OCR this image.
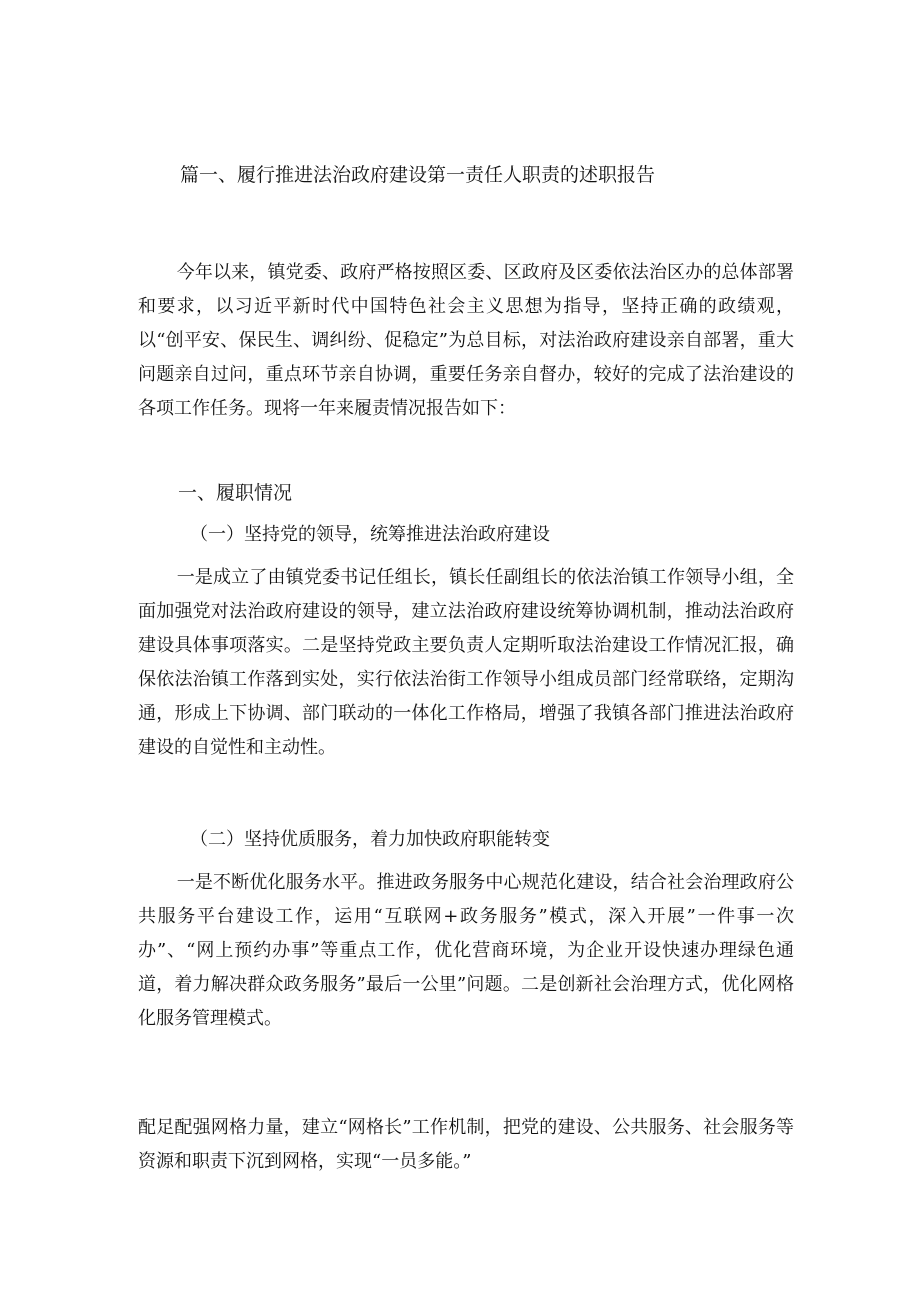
篇一、履行推进法治政府建设第一责任人职责的述职报告

今年以来，镇党委、政府严格按照区委、区政府及区委依法治区办的总体部署和要求，以习近平新时代中国特色社会主义思想为指导，坚持正确的政绩观，以“创平安、保民生、调纠纷、促稳定”为总目标，对法治政府建设亲自部署，重大问题亲自过问，重点环节亲自协调，重要任务亲自督办，较好的完成了法治建设的各项工作任务。现将一年来履责情况报告如下：

一、履职情况
（一）坚持党的领导，统筹推进法治政府建设

一是成立了由镇党委书记任组长，镇长任副组长的依法治镇工作领导小组，全面加强党对法治政府建设的领导，建立法治政府建设统筹协调机制，推动法治政府建设具体事项落实。二是坚持党政主要负责人定期听取法治建设工作情况汇报，确保依法治镇工作落到实处，实行依法治街工作领导小组成员部门经常联络，定期沟通，形成上下协调、部门联动的一体化工作格局，增强了我镇各部门推进法治政府建设的自觉性和主动性。

（二）坚持优质服务，着力加快政府职能转变

一是不断优化服务水平。推进政务服务中心规范化建设，结合社会治理政府公共服务平台建设工作，运用“互联网+政务服务”模式，深入开展”一件事一次办”、“网上预约办事”等重点工作，优化营商环境，为企业开设快速办理绿色通道，着力解决群众政务服务”最后一公里”问题。二是创新社会治理方式，优化网格化服务管理模式。

配足配强网格力量，建立“网格长”工作机制，把党的建设、公共服务、社会服务等资源和职责下沉到网格，实现“一员多能。”
